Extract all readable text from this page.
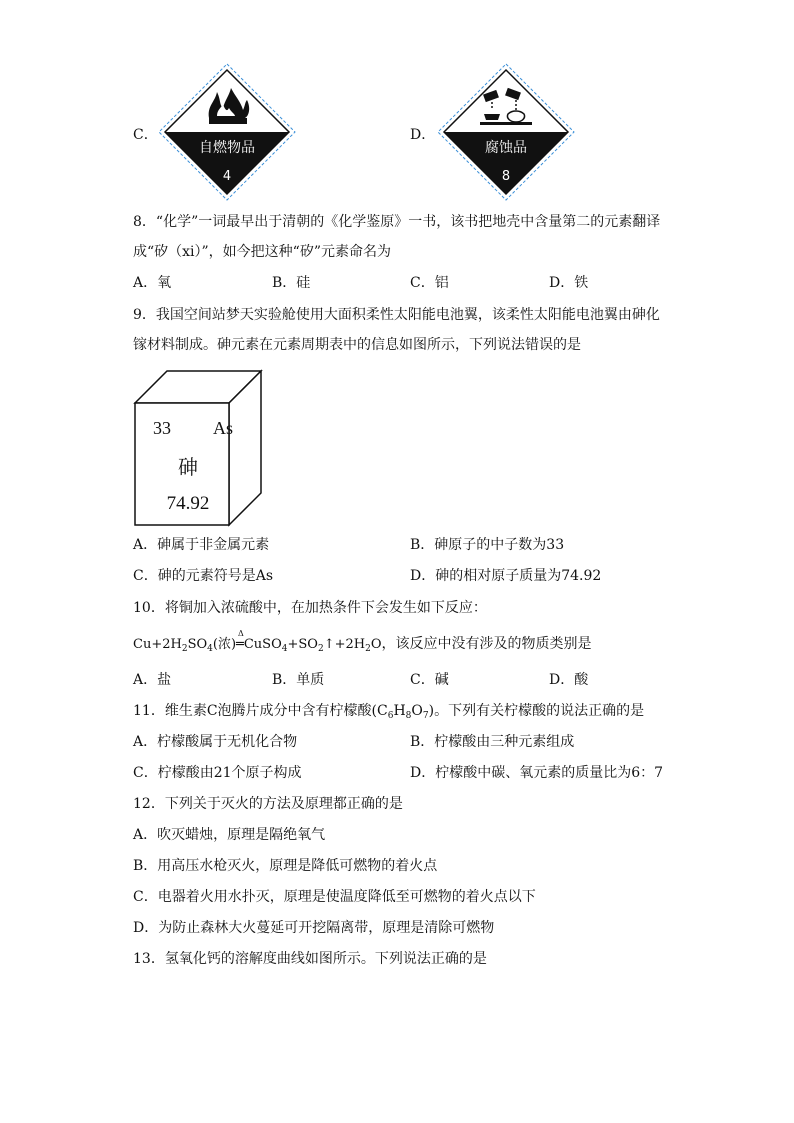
C．
自燃物品
4
D．
腐蚀品
8
8．“化学”一词最早出于清朝的《化学鉴原》一书，该书把地壳中含量第二的元素翻译
成“矽（xi）”，如今把这种“矽”元素命名为
A．氧	B．硅	C．铝	D．铁
9．我国空间站梦天实验舱使用大面积柔性太阳能电池翼，该柔性太阳能电池翼由砷化
镓材料制成。砷元素在元素周期表中的信息如图所示，下列说法错误的是
33 As
砷
74.92
A．砷属于非金属元素	B．砷原子的中子数为33
C．砷的元素符号是As	D．砷的相对原子质量为74.92
10．将铜加入浓硫酸中，在加热条件下会发生如下反应：
$Cu+2H_2SO_4$(浓)
Δ
$═CuSO_4+SO_2↑+2H_2O$，该反应中没有涉及的物质类别是
A．盐	B．单质	C．碱	D．酸
11．维生素C泡腾片成分中含有柠檬酸$(C_6H_8O_7)$。下列有关柠檬酸的说法正确的是
A．柠檬酸属于无机化合物	B．柠檬酸由三种元素组成
C．柠檬酸由21个原子构成	D．柠檬酸中碳、氧元素的质量比为6：7
12．下列关于灭火的方法及原理都正确的是
A．吹灭蜡烛，原理是隔绝氧气
B．用高压水枪灭火，原理是降低可燃物的着火点
C．电器着火用水扑灭，原理是使温度降低至可燃物的着火点以下
D．为防止森林大火蔓延可开挖隔离带，原理是清除可燃物
13．氢氧化钙的溶解度曲线如图所示。下列说法正确的是
